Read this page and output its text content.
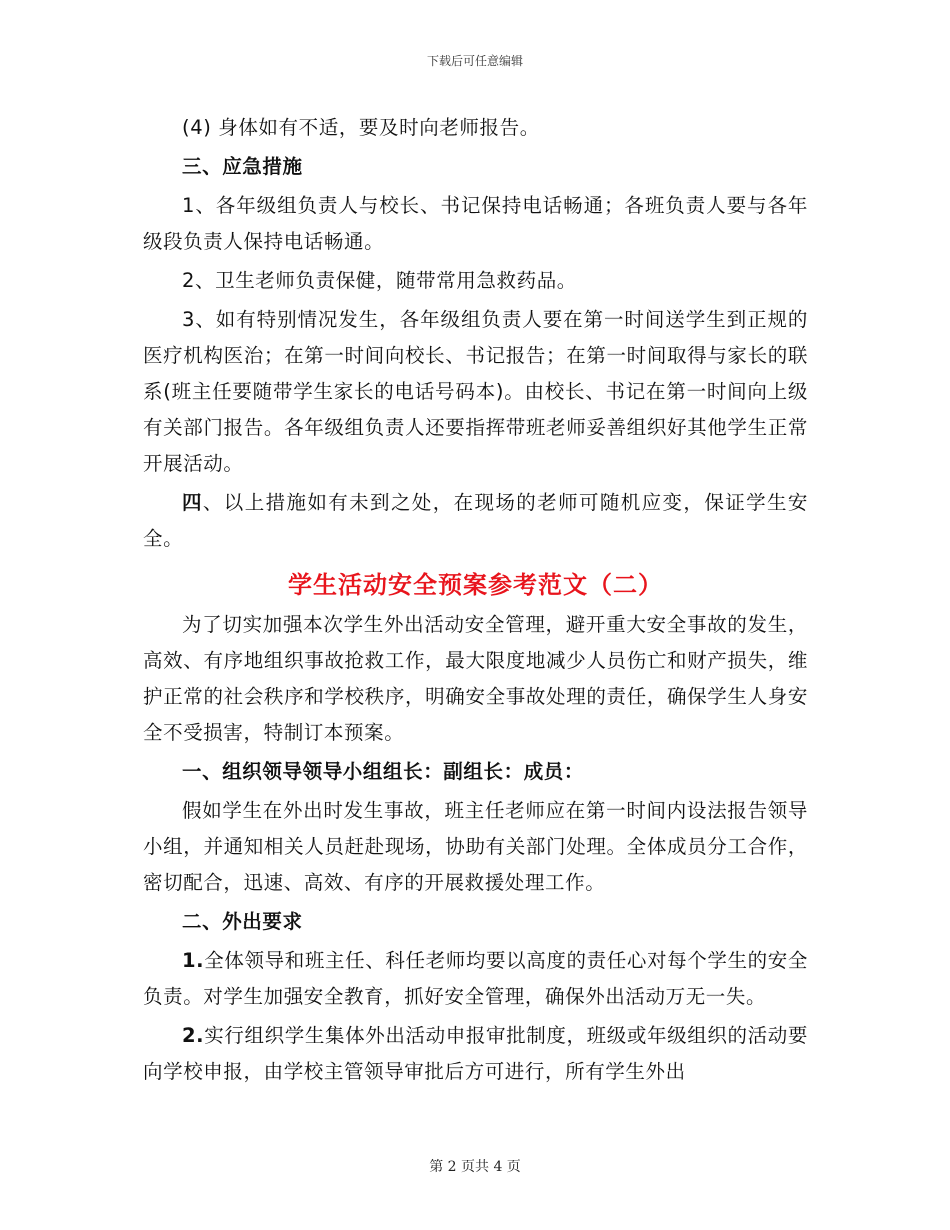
下载后可任意编辑

(4) 身体如有不适，要及时向老师报告。

三、应急措施

1、各年级组负责人与校长、书记保持电话畅通；各班负责人要与各年级段负责人保持电话畅通。

2、卫生老师负责保健，随带常用急救药品。

3、如有特别情况发生，各年级组负责人要在第一时间送学生到正规的医疗机构医治；在第一时间向校长、书记报告；在第一时间取得与家长的联系(班主任要随带学生家长的电话号码本)。由校长、书记在第一时间向上级有关部门报告。各年级组负责人还要指挥带班老师妥善组织好其他学生正常开展活动。

四、以上措施如有未到之处，在现场的老师可随机应变，保证学生安全。

学生活动安全预案参考范文（二）

为了切实加强本次学生外出活动安全管理，避开重大安全事故的发生，高效、有序地组织事故抢救工作，最大限度地减少人员伤亡和财产损失，维护正常的社会秩序和学校秩序，明确安全事故处理的责任，确保学生人身安全不受损害，特制订本预案。

一、组织领导领导小组组长：副组长：成员：

假如学生在外出时发生事故，班主任老师应在第一时间内设法报告领导小组，并通知相关人员赶赴现场，协助有关部门处理。全体成员分工合作，密切配合，迅速、高效、有序的开展救援处理工作。

二、外出要求

1.全体领导和班主任、科任老师均要以高度的责任心对每个学生的安全负责。对学生加强安全教育，抓好安全管理，确保外出活动万无一失。

2.实行组织学生集体外出活动申报审批制度，班级或年级组织的活动要向学校申报，由学校主管领导审批后方可进行，所有学生外出

第 2 页共 4 页
